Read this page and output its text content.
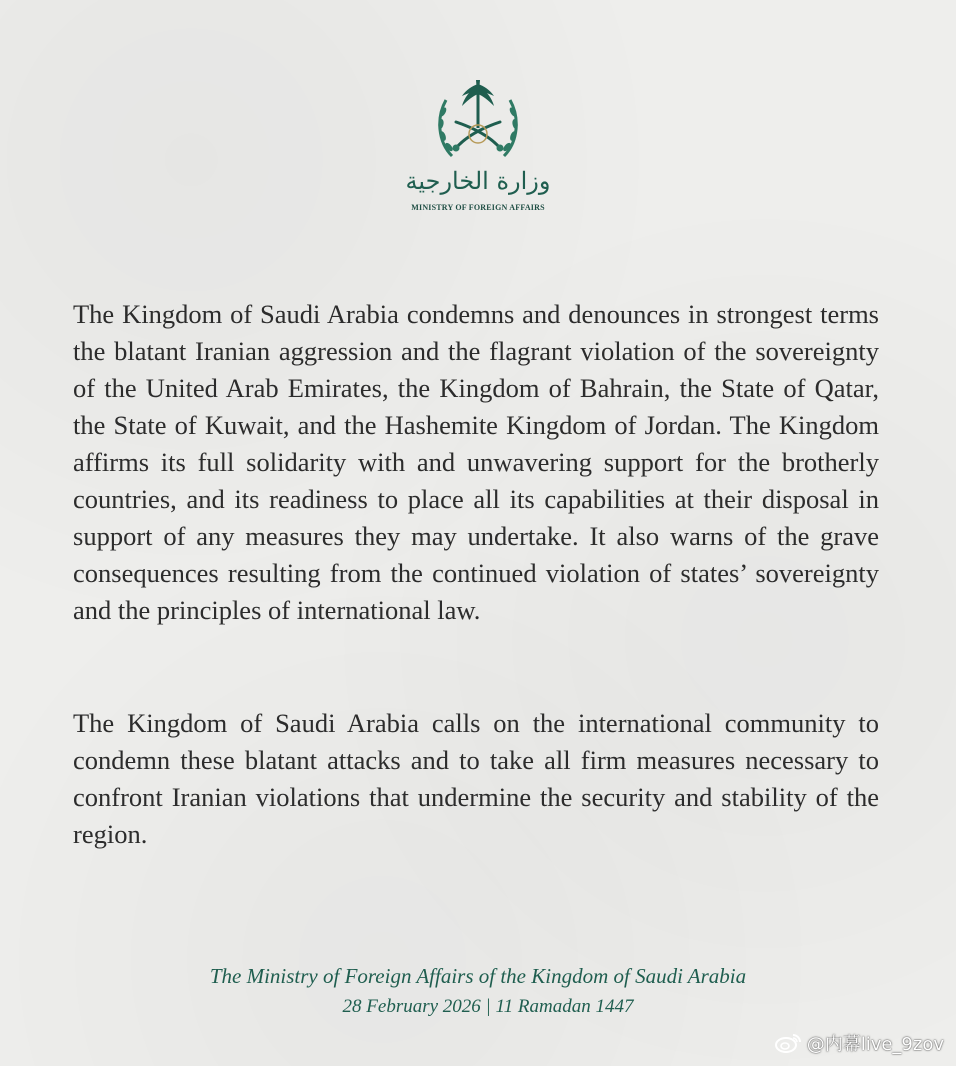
وزارة الخارجية
MINISTRY OF FOREIGN AFFAIRS

The Kingdom of Saudi Arabia condemns and denounces in strongest terms the blatant Iranian aggression and the flagrant violation of the sovereignty of the United Arab Emirates, the Kingdom of Bahrain, the State of Qatar, the State of Kuwait, and the Hashemite Kingdom of Jordan. The Kingdom affirms its full solidarity with and unwavering support for the brotherly countries, and its readiness to place all its capabilities at their disposal in support of any measures they may undertake. It also warns of the grave consequences resulting from the continued violation of states’ sovereignty and the principles of international law.

The Kingdom of Saudi Arabia calls on the international community to condemn these blatant attacks and to take all firm measures necessary to confront Iranian violations that undermine the security and stability of the region.

The Ministry of Foreign Affairs of the Kingdom of Saudi Arabia

28 February 2026 | 11 Ramadan 1447

@内幕live_9zov
